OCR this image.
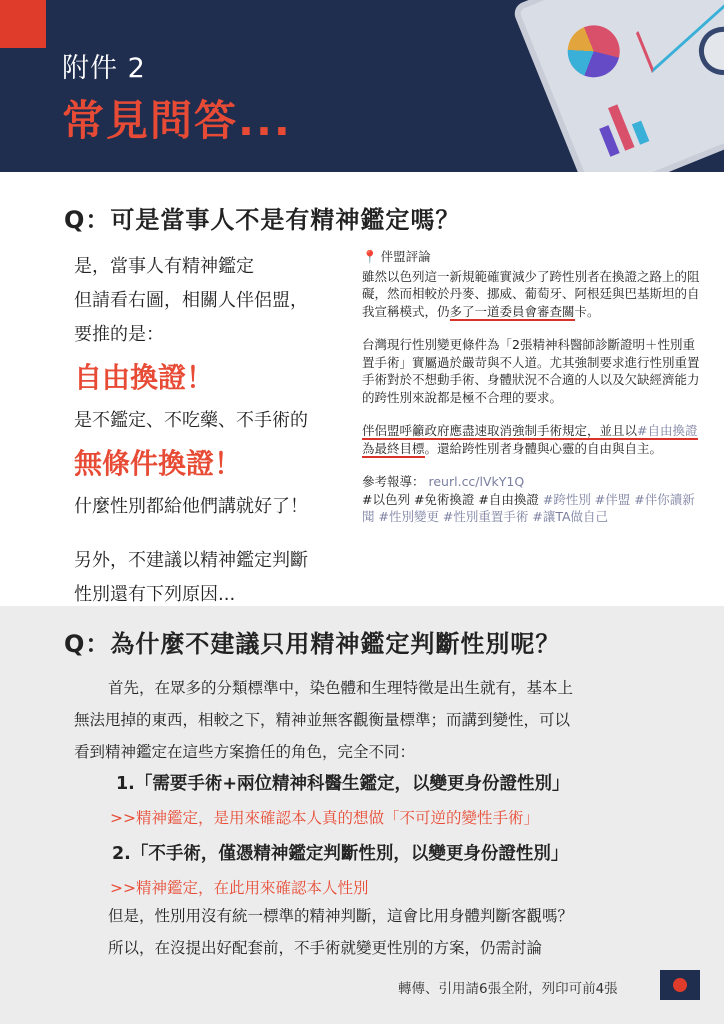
附件 2
常見問答...
Q：可是當事人不是有精神鑑定嗎？
是，當事人有精神鑑定
但請看右圖，相關人伴侶盟，
要推的是：
自由換證！
是不鑑定、不吃藥、不手術的
無條件換證！
什麼性別都給他們講就好了！
另外，不建議以精神鑑定判斷
性別還有下列原因...
📍 伴盟評論

雖然以色列這一新規範確實減少了跨性別者在換證之路上的阻礙，然而相較於丹麥、挪威、葡萄牙、阿根廷與巴基斯坦的自我宣稱模式，仍多了一道委員會審查關卡。

台灣現行性別變更條件為「2張精神科醫師診斷證明＋性別重置手術」實屬過於嚴苛與不人道。尤其強制要求進行性別重置手術對於不想動手術、身體狀況不合適的人以及欠缺經濟能力的跨性別來說都是極不合理的要求。

伴侶盟呼籲政府應盡速取消強制手術規定，並且以#自由換證為最終目標。還給跨性別者身體與心靈的自由與自主。

參考報導： reurl.cc/lVkY1Q
#以色列 #免術換證 #自由換證 #跨性別 #伴盟 #伴你讀新聞 #性別變更 #性別重置手術 #讓TA做自己
Q：為什麼不建議只用精神鑑定判斷性別呢？
首先，在眾多的分類標準中，染色體和生理特徵是出生就有，基本上
無法甩掉的東西，相較之下，精神並無客觀衡量標準；而講到變性，可以
看到精神鑑定在這些方案擔任的角色，完全不同：
1.「需要手術+兩位精神科醫生鑑定，以變更身份證性別」
>>精神鑑定，是用來確認本人真的想做「不可逆的變性手術」
2.「不手術，僅憑精神鑑定判斷性別，以變更身份證性別」
>>精神鑑定，在此用來確認本人性別
但是，性別用沒有統一標準的精神判斷，這會比用身體判斷客觀嗎？
所以，在沒提出好配套前，不手術就變更性別的方案，仍需討論
轉傳、引用請6張全附，列印可前4張
